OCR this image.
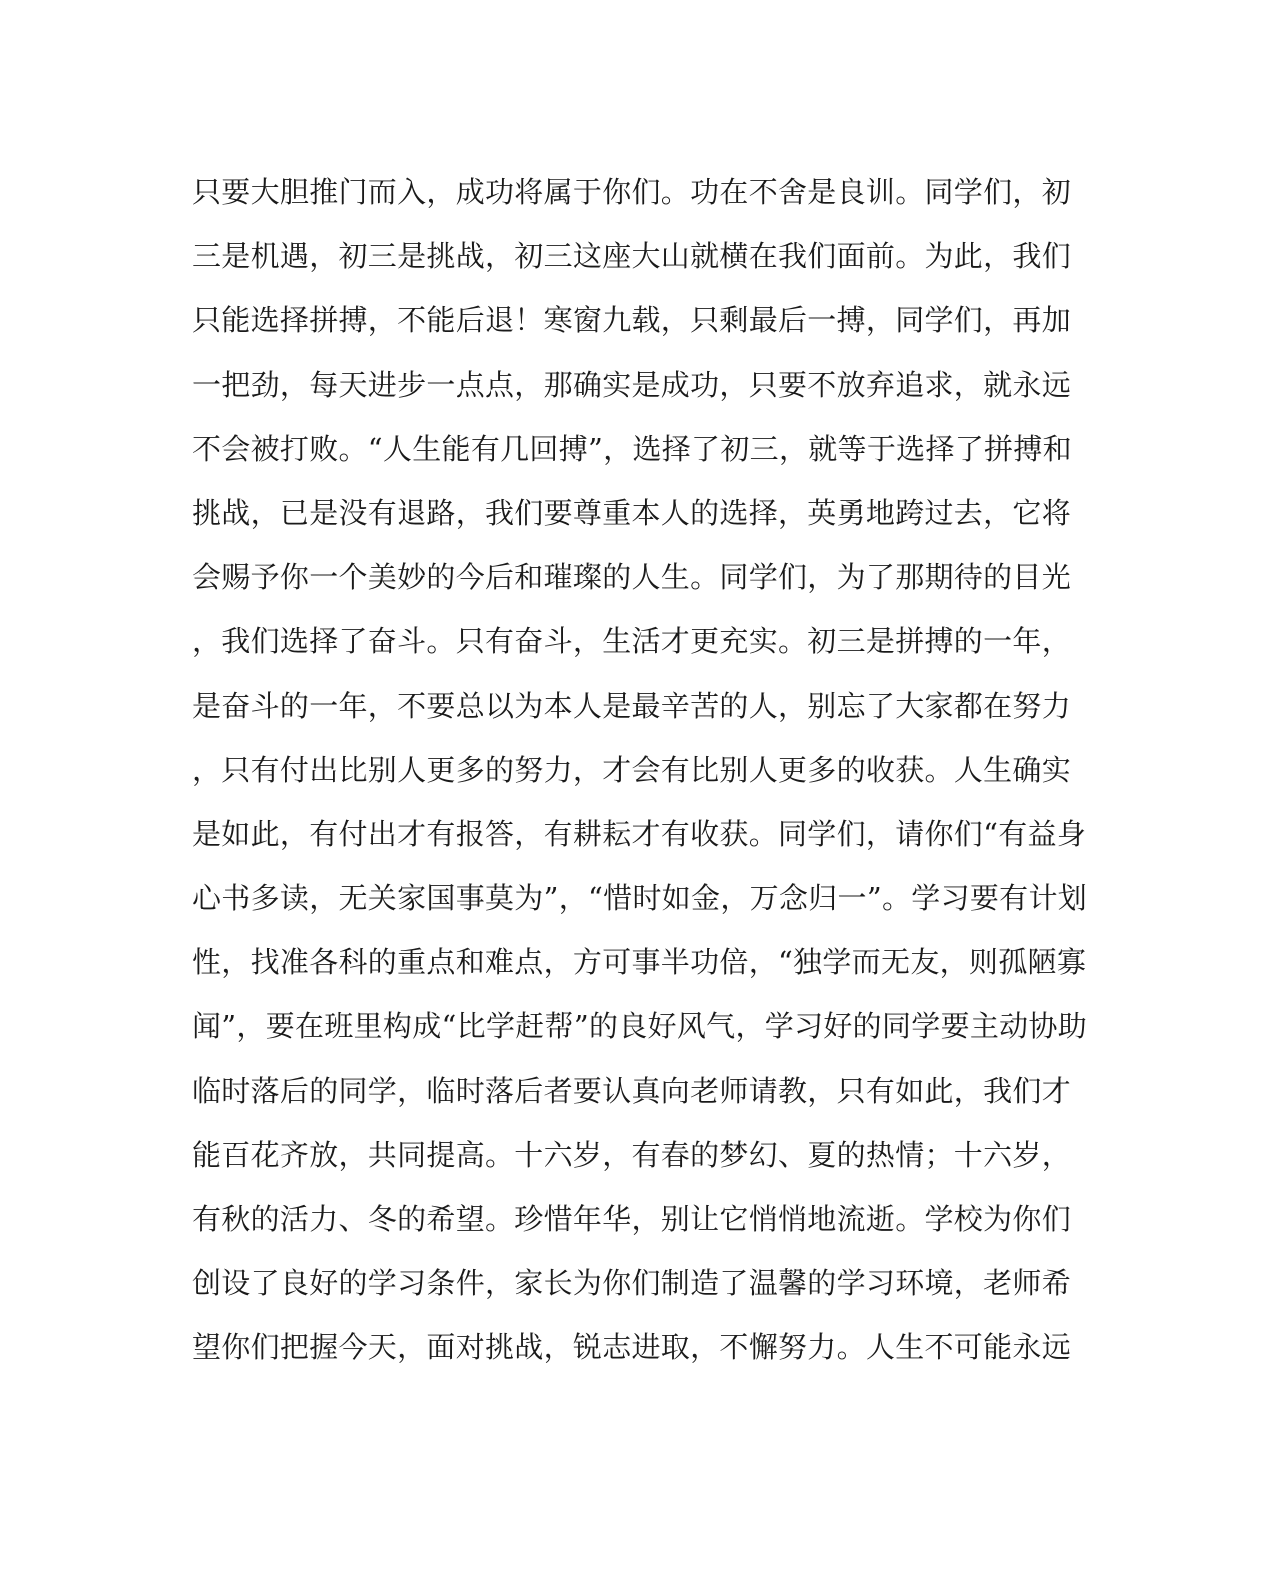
只要大胆推门而入，成功将属于你们。功在不舍是良训。同学们，初
三是机遇，初三是挑战，初三这座大山就横在我们面前。为此，我们
只能选择拼搏，不能后退！寒窗九载，只剩最后一搏，同学们，再加
一把劲，每天进步一点点，那确实是成功，只要不放弃追求，就永远
不会被打败。“人生能有几回搏”，选择了初三，就等于选择了拼搏和
挑战，已是没有退路，我们要尊重本人的选择，英勇地跨过去，它将
会赐予你一个美妙的今后和璀璨的人生。同学们，为了那期待的目光
，我们选择了奋斗。只有奋斗，生活才更充实。初三是拼搏的一年，
是奋斗的一年，不要总以为本人是最辛苦的人，别忘了大家都在努力
，只有付出比别人更多的努力，才会有比别人更多的收获。人生确实
是如此，有付出才有报答，有耕耘才有收获。同学们，请你们“有益身
心书多读，无关家国事莫为”，“惜时如金，万念归一”。学习要有计划
性，找准各科的重点和难点，方可事半功倍，“独学而无友，则孤陋寡
闻”，要在班里构成“比学赶帮”的良好风气，学习好的同学要主动协助
临时落后的同学，临时落后者要认真向老师请教，只有如此，我们才
能百花齐放，共同提高。十六岁，有春的梦幻、夏的热情；十六岁，
有秋的活力、冬的希望。珍惜年华，别让它悄悄地流逝。学校为你们
创设了良好的学习条件，家长为你们制造了温馨的学习环境，老师希
望你们把握今天，面对挑战，锐志进取，不懈努力。人生不可能永远
